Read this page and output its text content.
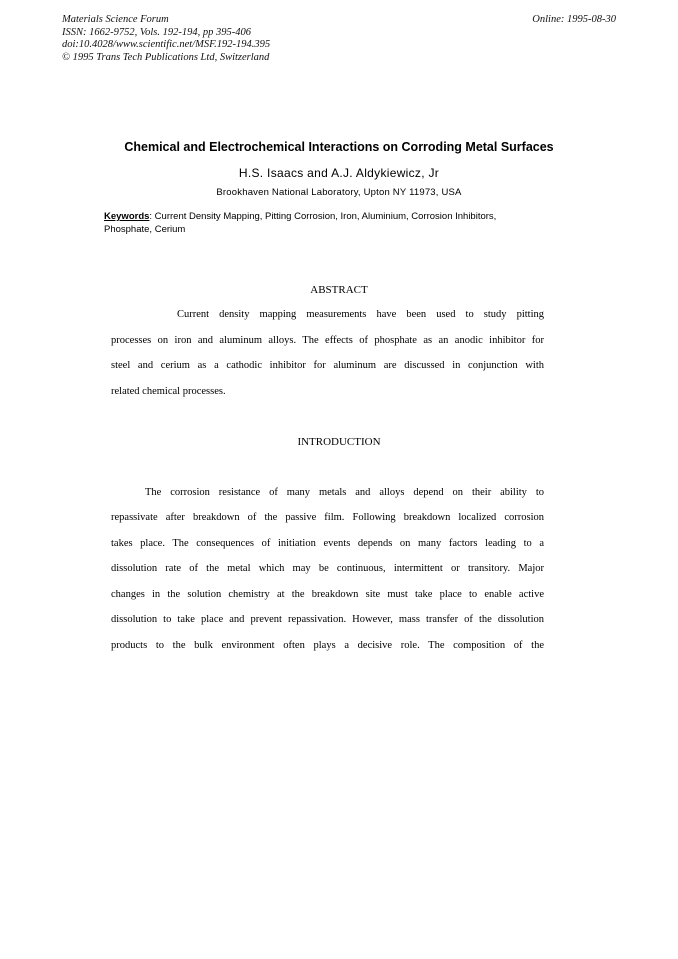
Materials Science Forum
ISSN: 1662-9752, Vols. 192-194, pp 395-406
doi:10.4028/www.scientific.net/MSF.192-194.395
© 1995 Trans Tech Publications Ltd, Switzerland
Online: 1995-08-30
Chemical and Electrochemical Interactions on Corroding Metal Surfaces
H.S. Isaacs and A.J. Aldykiewicz, Jr
Brookhaven National Laboratory, Upton NY 11973, USA
Keywords: Current Density Mapping, Pitting Corrosion, Iron, Aluminium, Corrosion Inhibitors,
Phosphate, Cerium
ABSTRACT
Current density mapping measurements have been used to study pitting
processes on iron and aluminum alloys. The effects of phosphate as an anodic inhibitor for
steel and cerium as a cathodic inhibitor for aluminum are discussed in conjunction with
related chemical processes.
INTRODUCTION
The corrosion resistance of many metals and alloys depend on their ability to
repassivate after breakdown of the passive film. Following breakdown localized corrosion
takes place. The consequences of initiation events depends on many factors leading to a
dissolution rate of the metal which may be continuous, intermittent or transitory. Major
changes in the solution chemistry at the breakdown site must take place to enable active
dissolution to take place and prevent repassivation. However, mass transfer of the dissolution
products to the bulk environment often plays a decisive role. The composition of the
